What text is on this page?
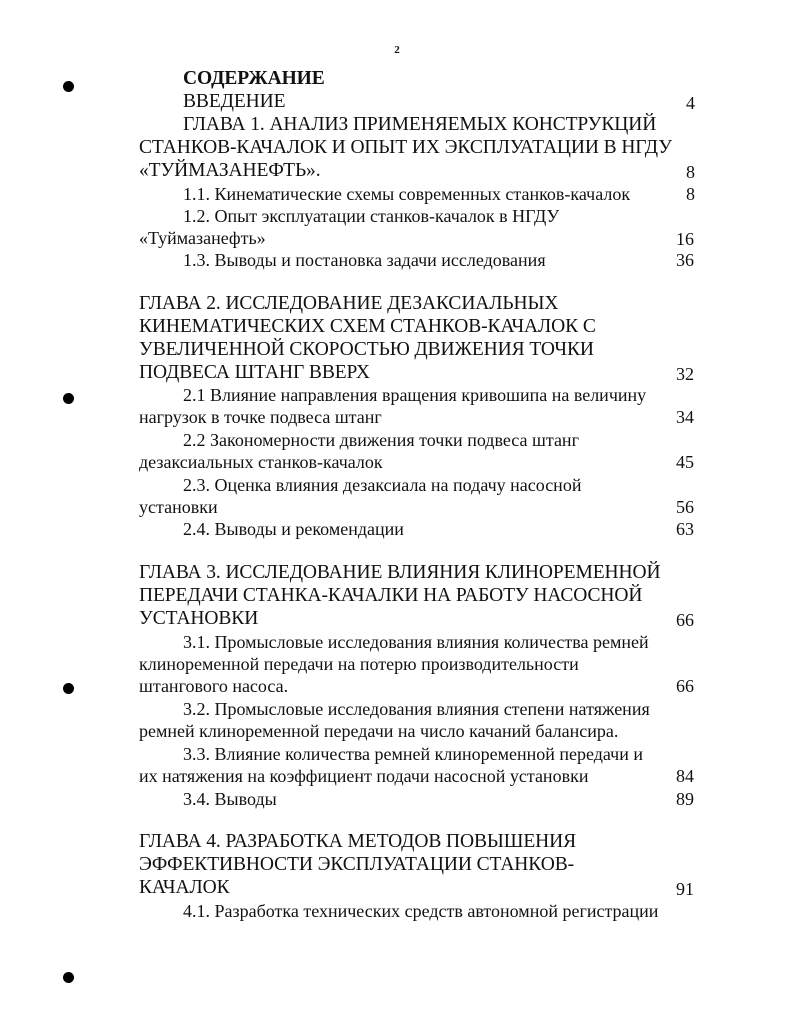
2
СОДЕРЖАНИЕ
ВВЕДЕНИЕ	4
ГЛАВА 1. АНАЛИЗ ПРИМЕНЯЕМЫХ КОНСТРУКЦИЙ
СТАНКОВ-КАЧАЛОК И ОПЫТ ИХ ЭКСПЛУАТАЦИИ В НГДУ
«ТУЙМАЗАНЕФТЬ».	8
1.1. Кинематические схемы современных станков-качалок	8
1.2. Опыт эксплуатации станков-качалок в НГДУ
«Туймазанефть»	16
1.3. Выводы и постановка задачи исследования	36
ГЛАВА 2. ИССЛЕДОВАНИЕ ДЕЗАКСИАЛЬНЫХ
КИНЕМАТИЧЕСКИХ СХЕМ СТАНКОВ-КАЧАЛОК С
УВЕЛИЧЕННОЙ СКОРОСТЬЮ ДВИЖЕНИЯ ТОЧКИ
ПОДВЕСА ШТАНГ ВВЕРХ	32
2.1 Влияние направления вращения кривошипа на величину
нагрузок в точке подвеса штанг	34
2.2 Закономерности движения точки подвеса штанг
дезаксиальных станков-качалок	45
2.3. Оценка влияния дезаксиала на подачу насосной
установки	56
2.4. Выводы и рекомендации	63
ГЛАВА 3. ИССЛЕДОВАНИЕ ВЛИЯНИЯ КЛИНОРЕМЕННОЙ
ПЕРЕДАЧИ СТАНКА-КАЧАЛКИ НА РАБОТУ НАСОСНОЙ
УСТАНОВКИ	66
3.1. Промысловые исследования влияния количества ремней
клиноременной передачи на потерю производительности
штангового насоса.	66
3.2. Промысловые исследования влияния степени натяжения
ремней клиноременной передачи на число качаний балансира.
3.3. Влияние количества ремней клиноременной передачи и
их натяжения на коэффициент подачи насосной установки	84
3.4. Выводы	89
ГЛАВА 4. РАЗРАБОТКА МЕТОДОВ ПОВЫШЕНИЯ
ЭФФЕКТИВНОСТИ ЭКСПЛУАТАЦИИ СТАНКОВ-
КАЧАЛОК	91
4.1. Разработка технических средств автономной регистрации
